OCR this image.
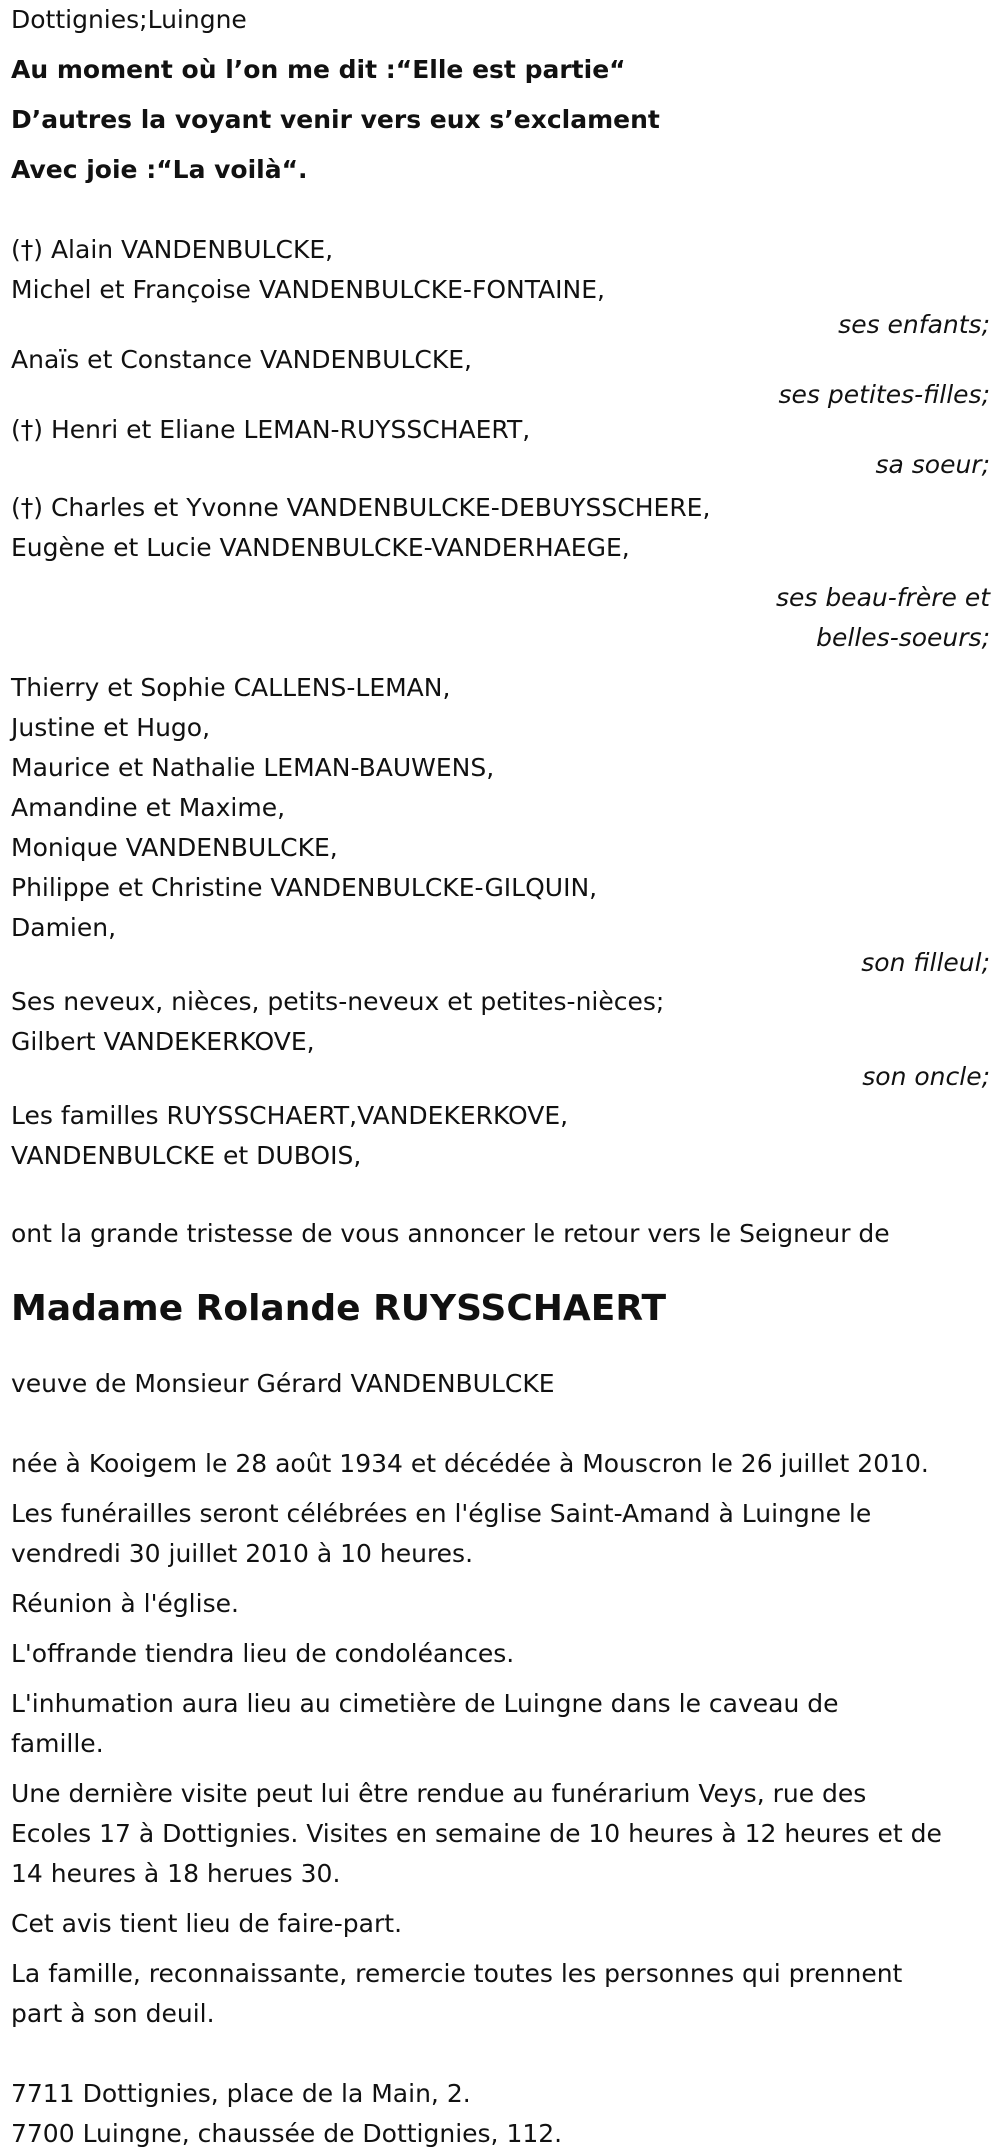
Dottignies;Luingne
Au moment où l’on me dit :“Elle est partie“
D’autres la voyant venir vers eux s’exclament
Avec joie :“La voilà“.
(†) Alain VANDENBULCKE,
Michel et Françoise VANDENBULCKE-FONTAINE,
ses enfants;
Anaïs et Constance VANDENBULCKE,
ses petites-filles;
(†) Henri et Eliane LEMAN-RUYSSCHAERT,
sa soeur;
(†) Charles et Yvonne VANDENBULCKE-DEBUYSSCHERE,
Eugène et Lucie VANDENBULCKE-VANDERHAEGE,
ses beau-frère et
belles-soeurs;
Thierry et Sophie CALLENS-LEMAN,
Justine et Hugo,
Maurice et Nathalie LEMAN-BAUWENS,
Amandine et Maxime,
Monique VANDENBULCKE,
Philippe et Christine VANDENBULCKE-GILQUIN,
Damien,
son filleul;
Ses neveux, nièces, petits-neveux et petites-nièces;
Gilbert VANDEKERKOVE,
son oncle;
Les familles RUYSSCHAERT,VANDEKERKOVE,
VANDENBULCKE et DUBOIS,
ont la grande tristesse de vous annoncer le retour vers le Seigneur de
Madame Rolande RUYSSCHAERT
veuve de Monsieur Gérard VANDENBULCKE
née à Kooigem le 28 août 1934 et décédée à Mouscron le 26 juillet 2010.
Les funérailles seront célébrées en l'église Saint-Amand à Luingne le
vendredi 30 juillet 2010 à 10 heures.
Réunion à l'église.
L'offrande tiendra lieu de condoléances.
L'inhumation aura lieu au cimetière de Luingne dans le caveau de
famille.
Une dernière visite peut lui être rendue au funérarium Veys, rue des
Ecoles 17 à Dottignies. Visites en semaine de 10 heures à 12 heures et de
14 heures à 18 herues 30.
Cet avis tient lieu de faire-part.
La famille, reconnaissante, remercie toutes les personnes qui prennent
part à son deuil.
7711 Dottignies, place de la Main, 2.
7700 Luingne, chaussée de Dottignies, 112.
